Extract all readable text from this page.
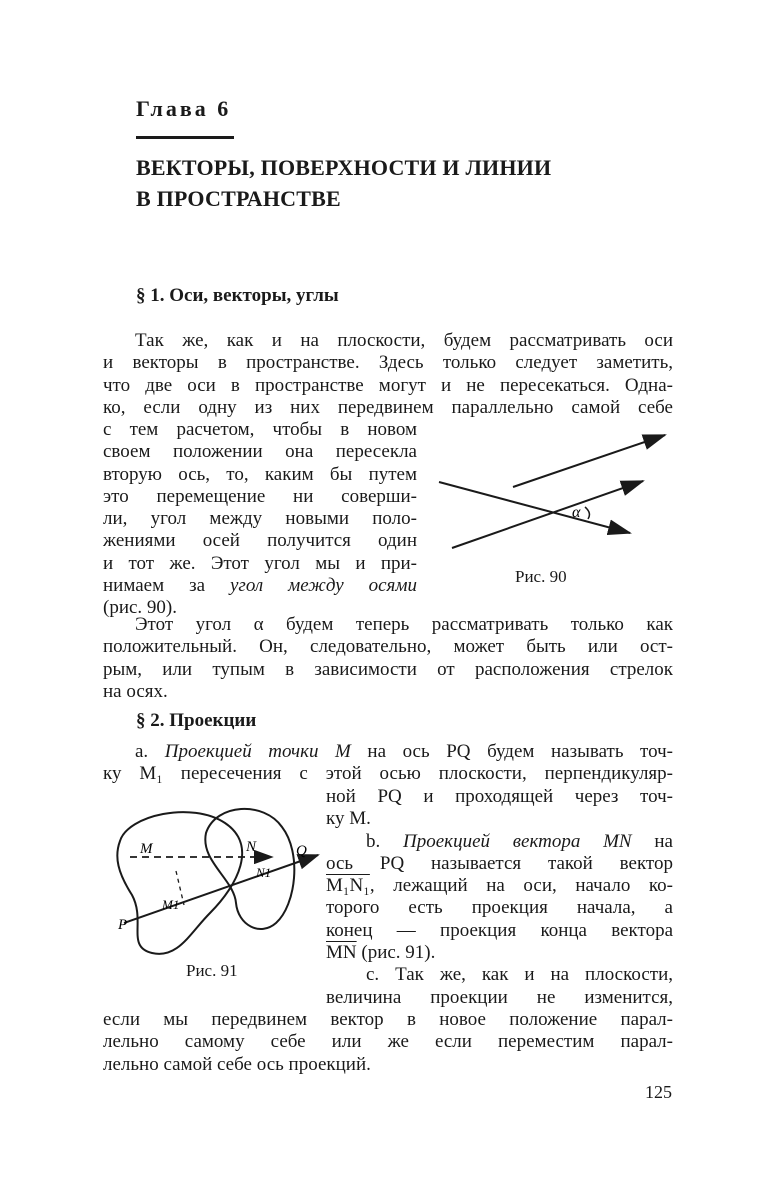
Глава 6
ВЕКТОРЫ, ПОВЕРХНОСТИ И ЛИНИИ
В ПРОСТРАНСТВЕ
§ 1. Оси, векторы, углы
Так же, как и на плоскости, будем рассматривать оси
и векторы в пространстве. Здесь только следует заметить,
что две оси в пространстве могут и не пересекаться. Одна-
ко, если одну из них передвинем параллельно самой себе
с тем расчетом, чтобы в новом
своем положении она пересекла
вторую ось, то, каким бы путем
это перемещение ни соверши-
ли, угол между новыми поло-
жениями осей получится один
и тот же. Этот угол мы и при-
нимаем за угол между осями
(рис. 90).
α
Рис. 90
Этот угол α будем теперь рассматривать только как
положительный. Он, следовательно, может быть или ост-
рым, или тупым в зависимости от расположения стрелок
на осях.
§ 2. Проекции
а. Проекцией точки M на ось PQ будем называть точ-
ку M₁ пересечения с этой осью плоскости, перпендикуляр-
ной PQ и проходящей через точ-
ку M.
b. Проекцией вектора MN на
ось PQ называется такой вектор
M₁N₁, лежащий на оси, начало ко-
торого есть проекция начала, а
конец — проекция конца вектора
$\overline{MN}$ (рис. 91).
с. Так же, как и на плоскости,
величина проекции не изменится,
M	N	Q
N1
M1
P
Рис. 91
если мы передвинем вектор в новое положение парал-
лельно самому себе или же если переместим парал-
лельно самой себе ось проекций.
125
